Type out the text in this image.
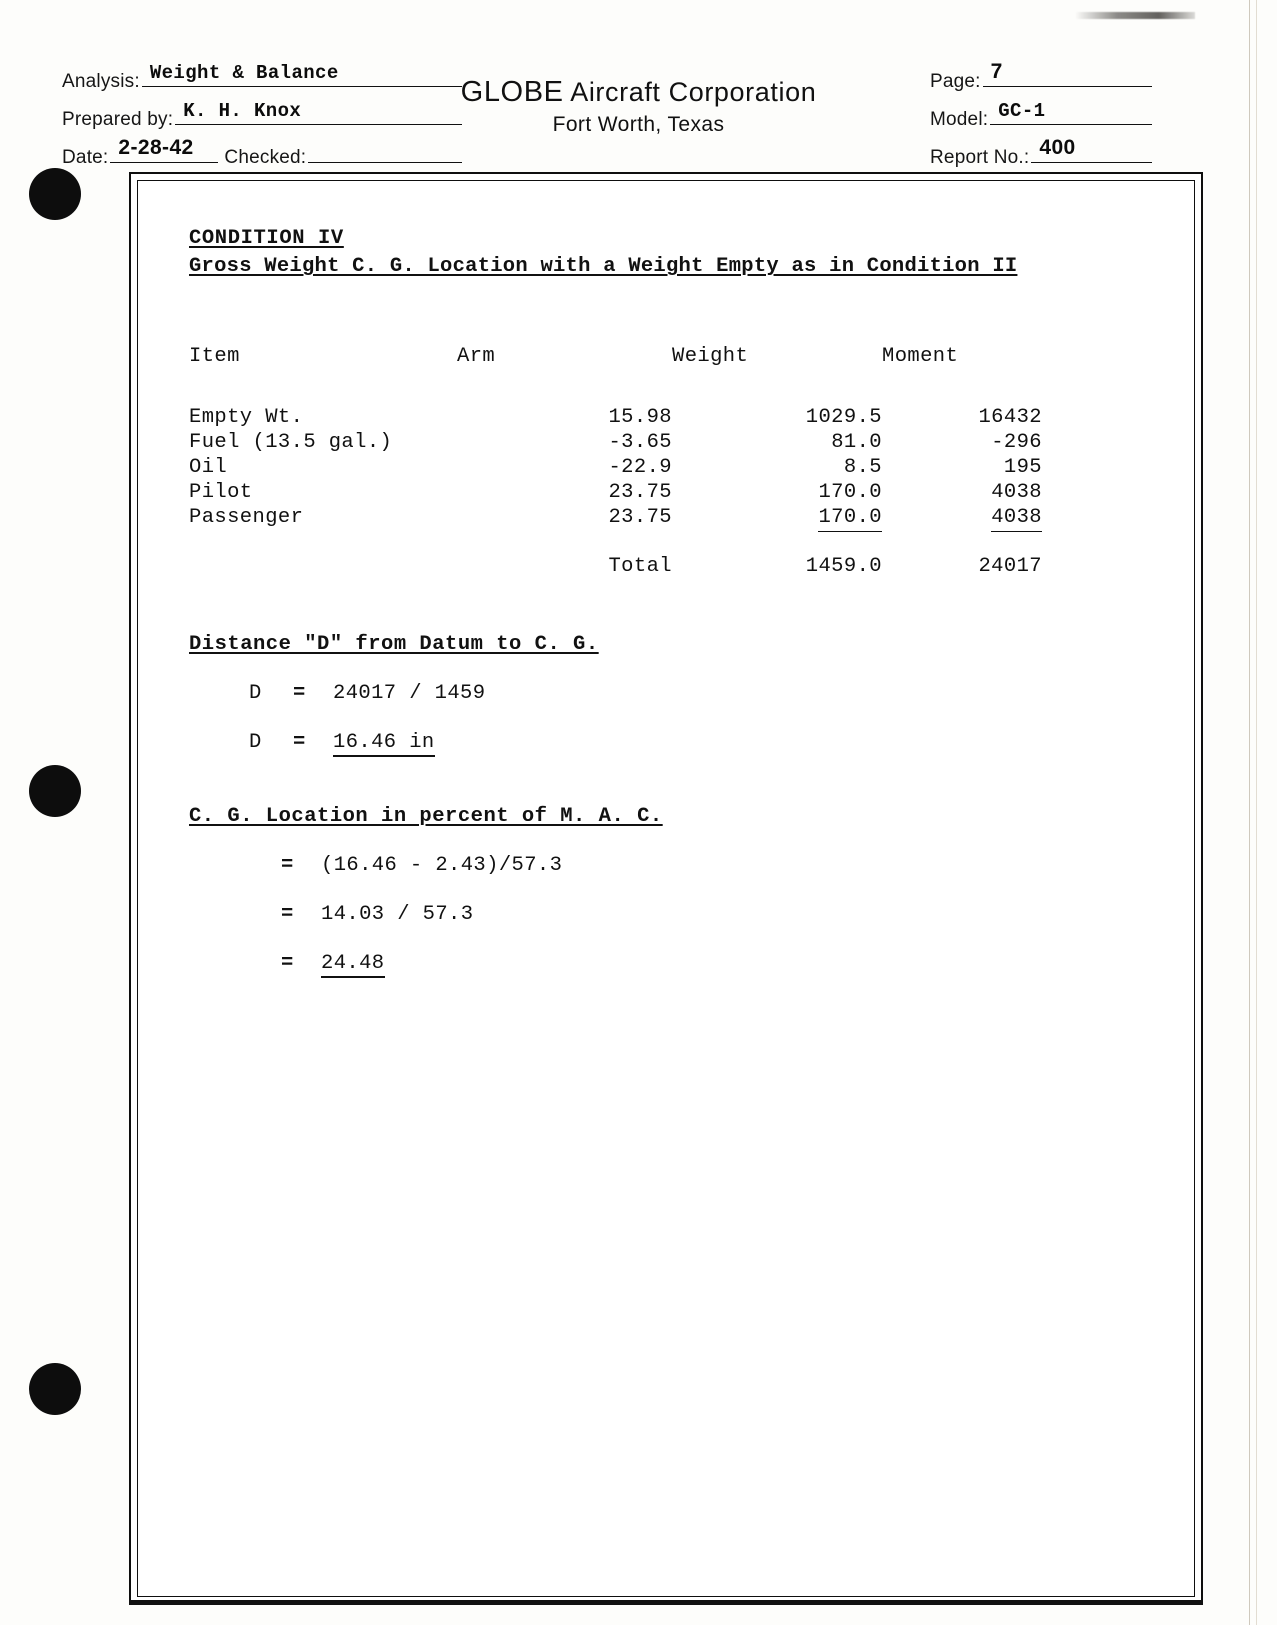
Analysis: Weight & Balance
Prepared by: K. H. Knox
Date: 2-28-42 Checked:
GLOBE Aircraft Corporation
Fort Worth, Texas
Page: 7
Model: GC-1
Report No.: 400
CONDITION IV
Gross Weight C. G. Location with a Weight Empty as in Condition II
Item	Arm	Weight	Moment
Empty Wt.	15.98	1029.5	16432
Fuel (13.5 gal.)	-3.65	81.0	-296
Oil	-22.9	8.5	195
Pilot	23.75	170.0	4038
Passenger	23.75	170.0	4038

Total		1459.0	24017
Distance "D" from Datum to C. G.
D	=	24017 / 1459
D	=	16.46 in
C. G. Location in percent of M. A. C.
=	(16.46 - 2.43)/57.3
=	14.03 / 57.3
=	24.48
